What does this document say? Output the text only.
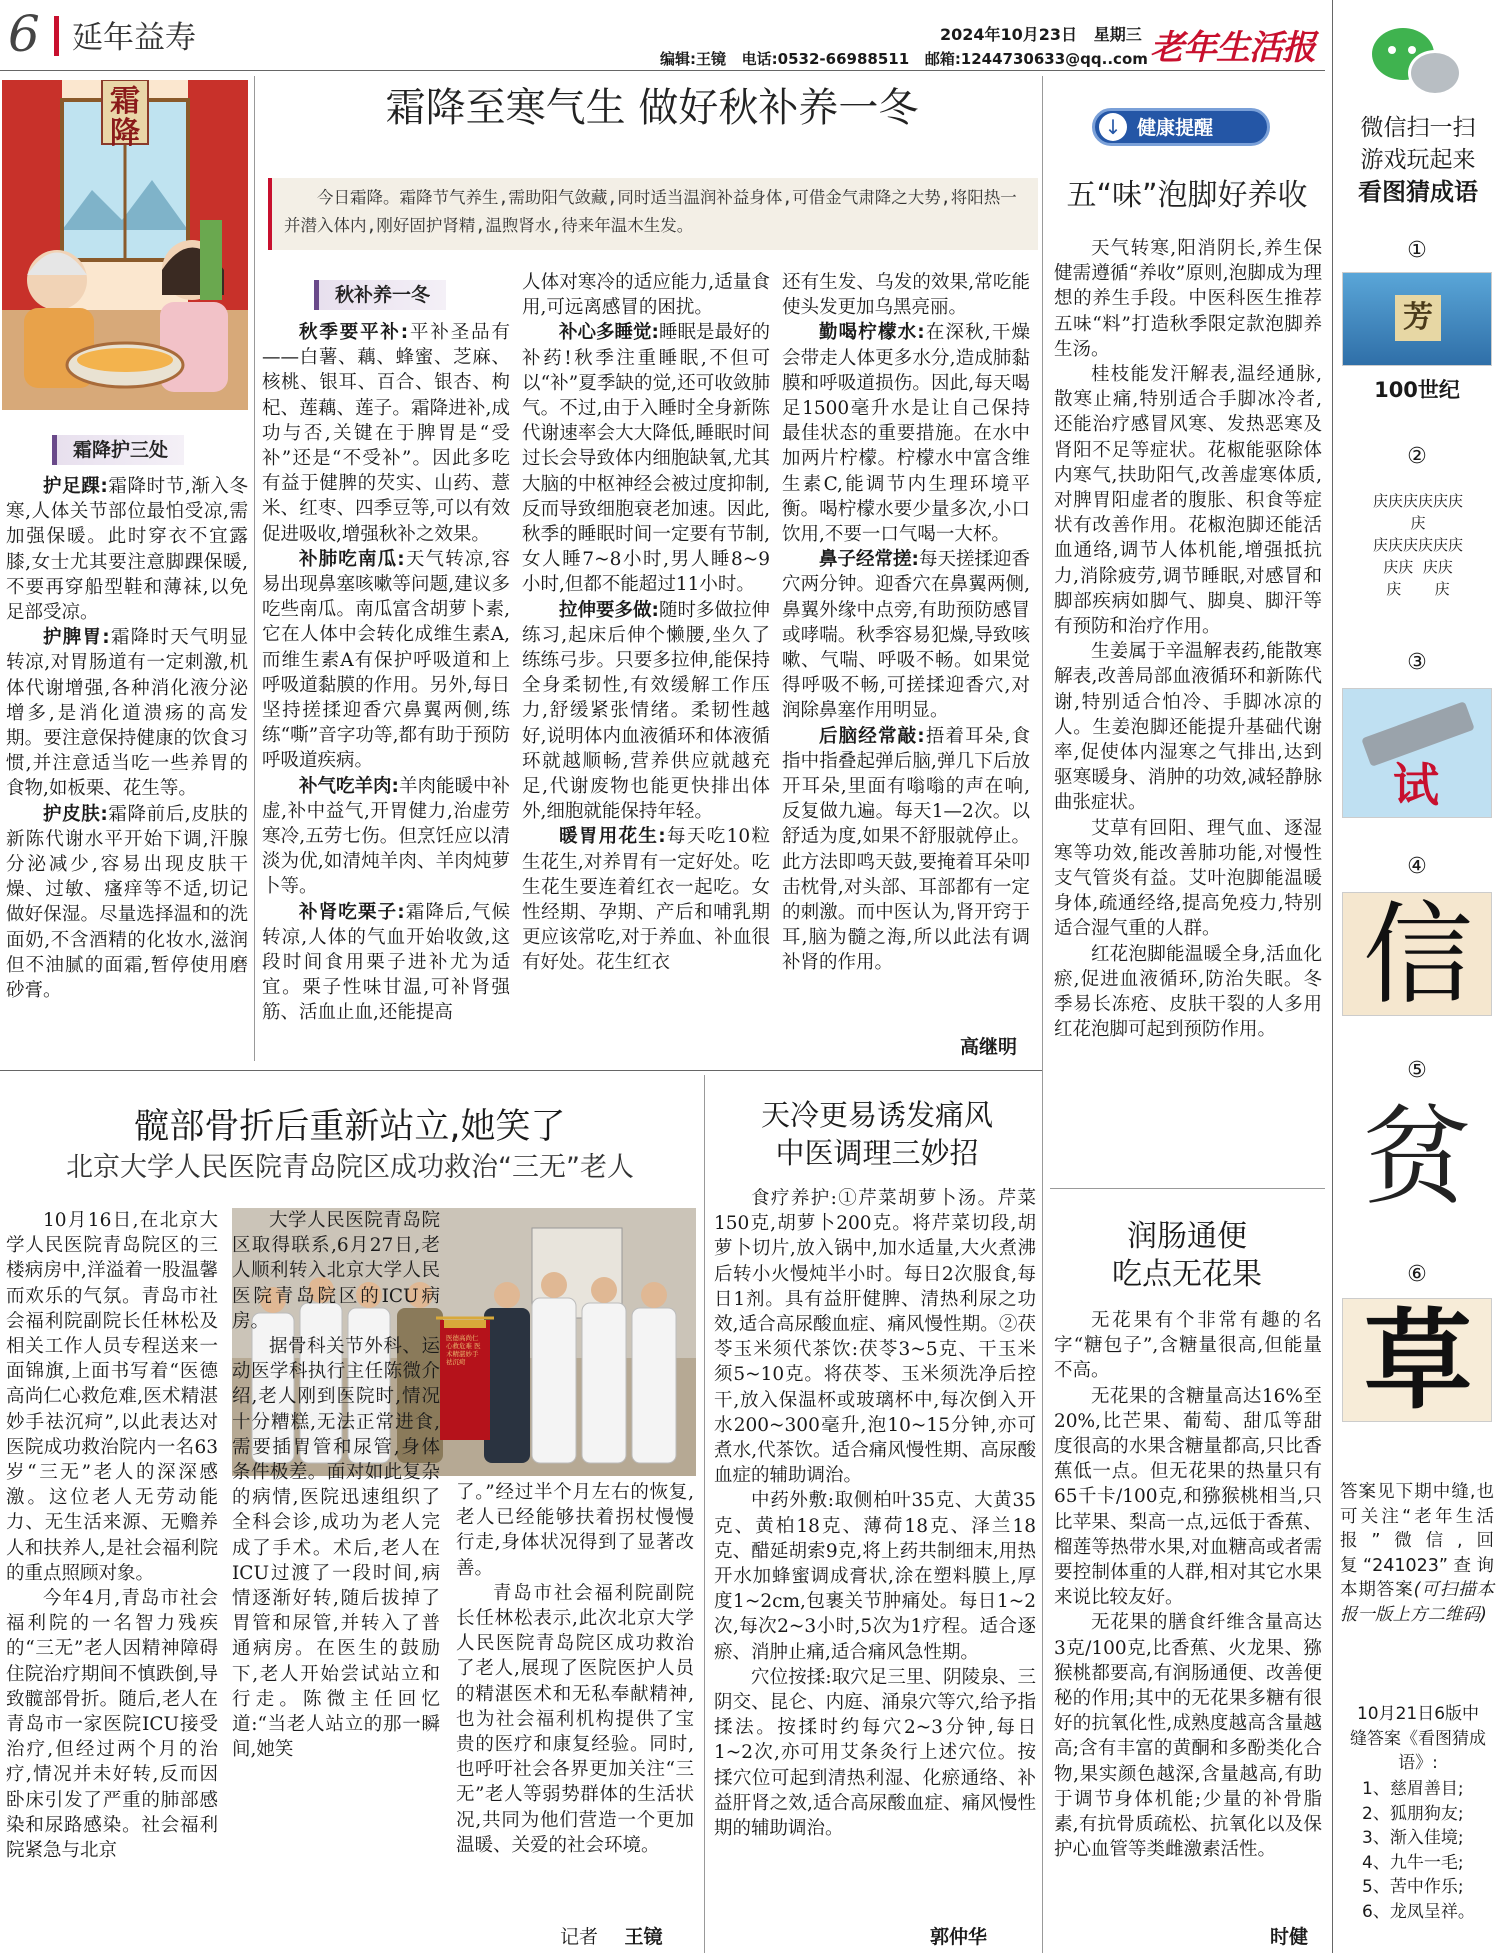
6 延年益寿	2024年10月23日 星期三
编辑:王镜 电话:0532-66988511 邮箱:1244730633@qq..com 老年生活报
霜降
霜降至寒气生 做好秋补养一冬
今日霜降。霜降节气养生,需助阳气敛藏,同时适当温润补益身体,可借金气肃降之大势,将阳热一并潜入体内,刚好固护肾精,温煦肾水,待来年温木生发。
霜降护三处

护足踝:霜降时节,渐入冬寒,人体关节部位最怕受凉,需加强保暖。此时穿衣不宜露膝,女士尤其要注意脚踝保暖,不要再穿船型鞋和薄袜,以免足部受凉。

护脾胃:霜降时天气明显转凉,对胃肠道有一定刺激,机体代谢增强,各种消化液分泌增多,是消化道溃疡的高发期。要注意保持健康的饮食习惯,并注意适当吃一些养胃的食物,如板栗、花生等。

护皮肤:霜降前后,皮肤的新陈代谢水平开始下调,汗腺分泌减少,容易出现皮肤干燥、过敏、瘙痒等不适,切记做好保湿。尽量选择温和的洗面奶,不含酒精的化妆水,滋润但不油腻的面霜,暂停使用磨砂膏。

秋补养一冬

秋季要平补:平补圣品有——白薯、藕、蜂蜜、芝麻、核桃、银耳、百合、银杏、枸杞、莲藕、莲子。霜降进补,成功与否,关键在于脾胃是“受补”还是“不受补”。因此多吃有益于健脾的芡实、山药、薏米、红枣、四季豆等,可以有效促进吸收,增强秋补之效果。

补肺吃南瓜:天气转凉,容易出现鼻塞咳嗽等问题,建议多吃些南瓜。南瓜富含胡萝卜素,它在人体中会转化成维生素A,而维生素A有保护呼吸道和上呼吸道黏膜的作用。另外,每日坚持搓揉迎香穴鼻翼两侧,练练“嘶”音字功等,都有助于预防呼吸道疾病。

补气吃羊肉:羊肉能暖中补虚,补中益气,开胃健力,治虚劳寒冷,五劳七伤。但烹饪应以清淡为优,如清炖羊肉、羊肉炖萝卜等。

补肾吃栗子:霜降后,气候转凉,人体的气血开始收敛,这段时间食用栗子进补尤为适宜。栗子性味甘温,可补肾强筋、活血止血,还能提高

人体对寒冷的适应能力,适量食用,可远离感冒的困扰。

补心多睡觉:睡眠是最好的补药!秋季注重睡眠,不但可以“补”夏季缺的觉,还可收敛肺气。不过,由于入睡时全身新陈代谢速率会大大降低,睡眠时间过长会导致体内细胞缺氧,尤其大脑的中枢神经会被过度抑制,反而导致细胞衰老加速。因此,秋季的睡眠时间一定要有节制,女人睡7~8小时,男人睡8~9小时,但都不能超过11小时。

拉伸要多做:随时多做拉伸练习,起床后伸个懒腰,坐久了练练弓步。只要多拉伸,能保持全身柔韧性,有效缓解工作压力,舒缓紧张情绪。柔韧性越好,说明体内血液循环和体液循环就越顺畅,营养供应就越充足,代谢废物也能更快排出体外,细胞就能保持年轻。

暖胃用花生:每天吃10粒生花生,对养胃有一定好处。吃生花生要连着红衣一起吃。女性经期、孕期、产后和哺乳期更应该常吃,对于养血、补血很有好处。花生红衣

还有生发、乌发的效果,常吃能使头发更加乌黑亮丽。

勤喝柠檬水:在深秋,干燥会带走人体更多水分,造成肺黏膜和呼吸道损伤。因此,每天喝足1500毫升水是让自己保持最佳状态的重要措施。在水中加两片柠檬。柠檬水中富含维生素C,能调节内生理环境平衡。喝柠檬水要少量多次,小口饮用,不要一口气喝一大杯。

鼻子经常搓:每天搓揉迎香穴两分钟。迎香穴在鼻翼两侧,鼻翼外缘中点旁,有助预防感冒或哮喘。秋季容易犯燥,导致咳嗽、气喘、呼吸不畅。如果觉得呼吸不畅,可搓揉迎香穴,对润除鼻塞作用明显。

后脑经常敲:捂着耳朵,食指中指叠起弹后脑,弹几下后放开耳朵,里面有嗡嗡的声在响,反复做九遍。每天1—2次。以舒适为度,如果不舒服就停止。此方法即鸣天鼓,要掩着耳朵叩击枕骨,对头部、耳部都有一定的刺激。而中医认为,肾开窍于耳,脑为髓之海,所以此法有调补肾的作用。

高继明
↓ 健康提醒
五“味”泡脚好养收

天气转寒,阳消阴长,养生保健需遵循“养收”原则,泡脚成为理想的养生手段。中医科医生推荐五味“料”打造秋季限定款泡脚养生汤。

桂枝能发汗解表,温经通脉,散寒止痛,特别适合手脚冰冷者,还能治疗感冒风寒、发热恶寒及肾阳不足等症状。花椒能驱除体内寒气,扶助阳气,改善虚寒体质,对脾胃阳虚者的腹胀、积食等症状有改善作用。花椒泡脚还能活血通络,调节人体机能,增强抵抗力,消除疲劳,调节睡眠,对感冒和脚部疾病如脚气、脚臭、脚汗等有预防和治疗作用。

生姜属于辛温解表药,能散寒解表,改善局部血液循环和新陈代谢,特别适合怕冷、手脚冰凉的人。生姜泡脚还能提升基础代谢率,促使体内湿寒之气排出,达到驱寒暖身、消肿的功效,减轻静脉曲张症状。

艾草有回阳、理气血、逐湿寒等功效,能改善肺功能,对慢性支气管炎有益。艾叶泡脚能温暖身体,疏通经络,提高免疫力,特别适合湿气重的人群。

红花泡脚能温暖全身,活血化瘀,促进血液循环,防治失眠。冬季易长冻疮、皮肤干裂的人多用红花泡脚可起到预防作用。

润肠通便
吃点无花果

无花果有个非常有趣的名字“糖包子”,含糖量很高,但能量不高。

无花果的含糖量高达16%至20%,比芒果、葡萄、甜瓜等甜度很高的水果含糖量都高,只比香蕉低一点。但无花果的热量只有65千卡/100克,和猕猴桃相当,只比苹果、梨高一点,远低于香蕉、榴莲等热带水果,对血糖高或者需要控制体重的人群,相对其它水果来说比较友好。

无花果的膳食纤维含量高达3克/100克,比香蕉、火龙果、猕猴桃都要高,有润肠通便、改善便秘的作用;其中的无花果多糖有很好的抗氧化性,成熟度越高含量越高;含有丰富的黄酮和多酚类化合物,果实颜色越深,含量越高,有助于调节身体机能;少量的补骨脂素,有抗骨质疏松、抗氧化以及保护心血管等类雌激素活性。

时健
髋部骨折后重新站立,她笑了
北京大学人民医院青岛院区成功救治“三无”老人

10月16日,在北京大学人民医院青岛院区的三楼病房中,洋溢着一股温馨而欢乐的气氛。青岛市社会福利院副院长任林松及相关工作人员专程送来一面锦旗,上面书写着“医德高尚仁心救危难,医术精湛妙手祛沉疴”,以此表达对医院成功救治院内一名63岁“三无”老人的深深感激。这位老人无劳动能力、无生活来源、无赡养人和扶养人,是社会福利院的重点照顾对象。

今年4月,青岛市社会福利院的一名智力残疾的“三无”老人因精神障碍住院治疗期间不慎跌倒,导致髋部骨折。随后,老人在青岛市一家医院ICU接受治疗,但经过两个月的治疗,情况并未好转,反而因卧床引发了严重的肺部感染和尿路感染。社会福利院紧急与北京

医德高尚仁心救危难 医术精湛妙手祛沉疴

大学人民医院青岛院区取得联系,6月27日,老人顺利转入北京大学人民医院青岛院区的ICU病房。

据骨科关节外科、运动医学科执行主任陈微介绍,老人刚到医院时,情况十分糟糕,无法正常进食,需要插胃管和尿管,身体条件极差。面对如此复杂的病情,医院迅速组织了全科会诊,成功为老人完成了手术。术后,老人在ICU过渡了一段时间,病情逐渐好转,随后拔掉了胃管和尿管,并转入了普通病房。在医生的鼓励下,老人开始尝试站立和行走。陈微主任回忆道:“当老人站立的那一瞬间,她笑

了。”经过半个月左右的恢复,老人已经能够扶着拐杖慢慢行走,身体状况得到了显著改善。

青岛市社会福利院副院长任林松表示,此次北京大学人民医院青岛院区成功救治了老人,展现了医院医护人员的精湛医术和无私奉献精神,也为社会福利机构提供了宝贵的医疗和康复经验。同时,也呼吁社会各界更加关注“三无”老人等弱势群体的生活状况,共同为他们营造一个更加温暖、关爱的社会环境。

记者 王镜
天冷更易诱发痛风
中医调理三妙招

食疗养护:①芹菜胡萝卜汤。芹菜150克,胡萝卜200克。将芹菜切段,胡萝卜切片,放入锅中,加水适量,大火煮沸后转小火慢炖半小时。每日2次服食,每日1剂。具有益肝健脾、清热利尿之功效,适合高尿酸血症、痛风慢性期。②茯苓玉米须代茶饮:茯苓3~5克、干玉米须5~10克。将茯苓、玉米须洗净后控干,放入保温杯或玻璃杯中,每次倒入开水200~300毫升,泡10~15分钟,亦可煮水,代茶饮。适合痛风慢性期、高尿酸血症的辅助调治。

中药外敷:取侧柏叶35克、大黄35克、黄柏18克、薄荷18克、泽兰18克、醋延胡索9克,将上药共制细末,用热开水加蜂蜜调成膏状,涂在塑料膜上,厚度1~2cm,包裹关节肿痛处。每日1~2次,每次2~3小时,5次为1疗程。适合逐瘀、消肿止痛,适合痛风急性期。

穴位按揉:取穴足三里、阴陵泉、三阴交、昆仑、内庭、涌泉穴等穴,给予指揉法。按揉时约每穴2~3分钟,每日1~2次,亦可用艾条灸行上述穴位。按揉穴位可起到清热利湿、化瘀通络、补益肝肾之效,适合高尿酸血症、痛风慢性期的辅助调治。

郭仲华
微信扫一扫
游戏玩起来
看图猜成语
①
芳
100世纪
②
庆庆庆庆庆庆
庆
庆庆庆庆庆庆
庆庆  庆庆
庆       庆
③
试
④
信
⑤
贫
⑥
草
答案见下期中缝,也可关注“老年生活报”微信,回复“241023”查询本期答案(可扫描本报一版上方二维码)
10月21日6版中缝答案《看图猜成语》:
1、慈眉善目;
2、狐朋狗友;
3、渐入佳境;
4、九牛一毛;
5、苦中作乐;
6、龙凤呈祥。
